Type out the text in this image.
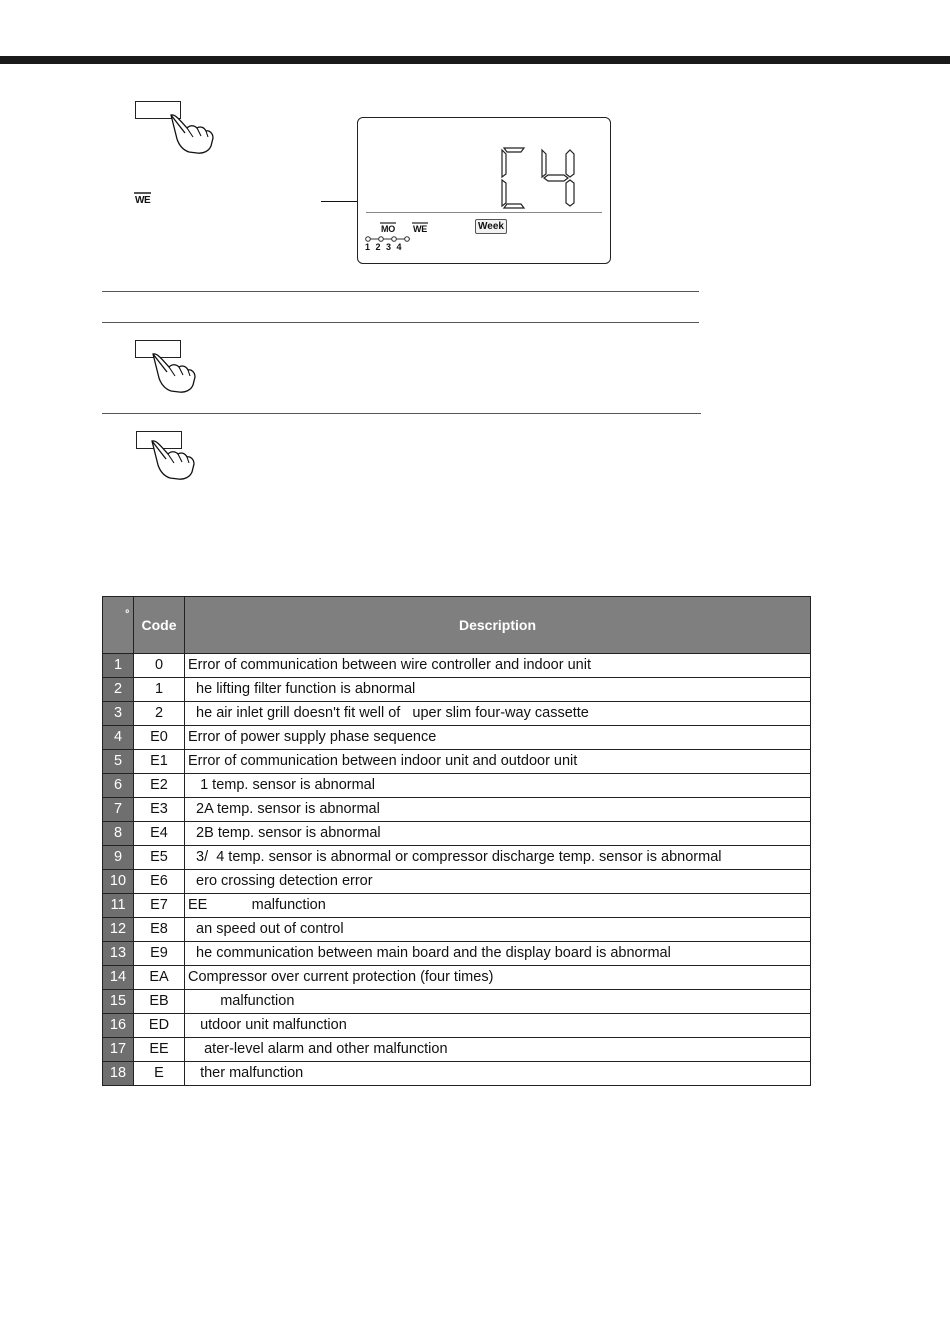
WE
MO WE	Week
1 2 3 4
º	Code	Description
1	0	Error of communication between wire controller and indoor unit
2	1	he lifting filter function is abnormal
3	2	he air inlet grill doesn't fit well of   uper slim four-way cassette
4	E0	Error of power supply phase sequence
5	E1	Error of communication between indoor unit and outdoor unit
6	E2	1 temp. sensor is abnormal
7	E3	2A temp. sensor is abnormal
8	E4	2B temp. sensor is abnormal
9	E5	3/  4 temp. sensor is abnormal or compressor discharge temp. sensor is abnormal
10	E6	ero crossing detection error
11	E7	EE           malfunction
12	E8	an speed out of control
13	E9	he communication between main board and the display board is abnormal
14	EA	Compressor over current protection (four times)
15	EB	malfunction
16	ED	utdoor unit malfunction
17	EE	ater-level alarm and other malfunction
18	E	ther malfunction
